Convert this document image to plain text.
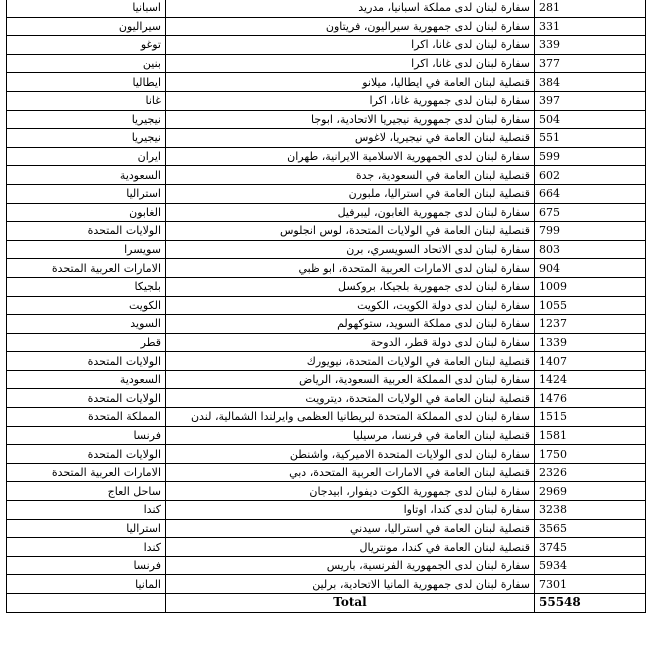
اسبانيا	سفارة لبنان لدى مملكة اسبانيا، مدريد	281
سيراليون	سفارة لبنان لدى جمهورية سيراليون، فريتاون	331
توغو	سفارة لبنان لدى غانا، اكرا	339
بنين	سفارة لبنان لدى غانا، اكرا	377
ايطاليا	قنصلية لبنان العامة في ايطاليا، ميلانو	384
غانا	سفارة لبنان لدى جمهورية غانا، اكرا	397
نيجيريا	سفارة لبنان لدى جمهورية نيجيريا الاتحادية، ابوجا	504
نيجيريا	قنصلية لبنان العامة في نيجيريا، لاغوس	551
ايران	سفارة لبنان لدى الجمهورية الاسلامية الايرانية، طهران	599
السعودية	قنصلية لبنان العامة في السعودية، جدة	602
استراليا	قنصلية لبنان العامة في استراليا، ملبورن	664
الغابون	سفارة لبنان لدى جمهورية الغابون، ليبرفيل	675
الولايات المتحدة	قنصلية لبنان العامة في الولايات المتحدة، لوس انجلوس	799
سويسرا	سفارة لبنان لدى الاتحاد السويسري، برن	803
الامارات العربية المتحدة	سفارة لبنان لدى الامارات العربية المتحدة، ابو ظبي	904
بلجيكا	سفارة لبنان لدى جمهورية بلجيكا، بروكسل	1009
الكويت	سفارة لبنان لدى دولة الكويت، الكويت	1055
السويد	سفارة لبنان لدى مملكة السويد، ستوكهولم	1237
قطر	سفارة لبنان لدى دولة قطر، الدوحة	1339
الولايات المتحدة	قنصلية لبنان العامة في الولايات المتحدة، نيويورك	1407
السعودية	سفارة لبنان لدى المملكة العربية السعودية، الرياض	1424
الولايات المتحدة	قنصلية لبنان العامة في الولايات المتحدة، ديترويت	1476
المملكة المتحدة	سفارة لبنان لدى المملكة المتحدة لبريطانيا العظمى وايرلندا الشمالية، لندن	1515
فرنسا	قنصلية لبنان العامة في فرنسا، مرسيليا	1581
الولايات المتحدة	سفارة لبنان لدى الولايات المتحدة الاميركية، واشنطن	1750
الامارات العربية المتحدة	قنصلية لبنان العامة في الامارات العربية المتحدة، دبي	2326
ساحل العاج	سفارة لبنان لدى جمهورية الكوت ديفوار، ابيدجان	2969
كندا	سفارة لبنان لدى كندا، اوتاوا	3238
استراليا	قنصلية لبنان العامة في استراليا، سيدني	3565
كندا	قنصلية لبنان العامة في كندا، مونتريال	3745
فرنسا	سفارة لبنان لدى الجمهورية الفرنسية، باريس	5934
المانيا	سفارة لبنان لدى جمهورية المانيا الاتحادية، برلين	7301
	Total	55548
